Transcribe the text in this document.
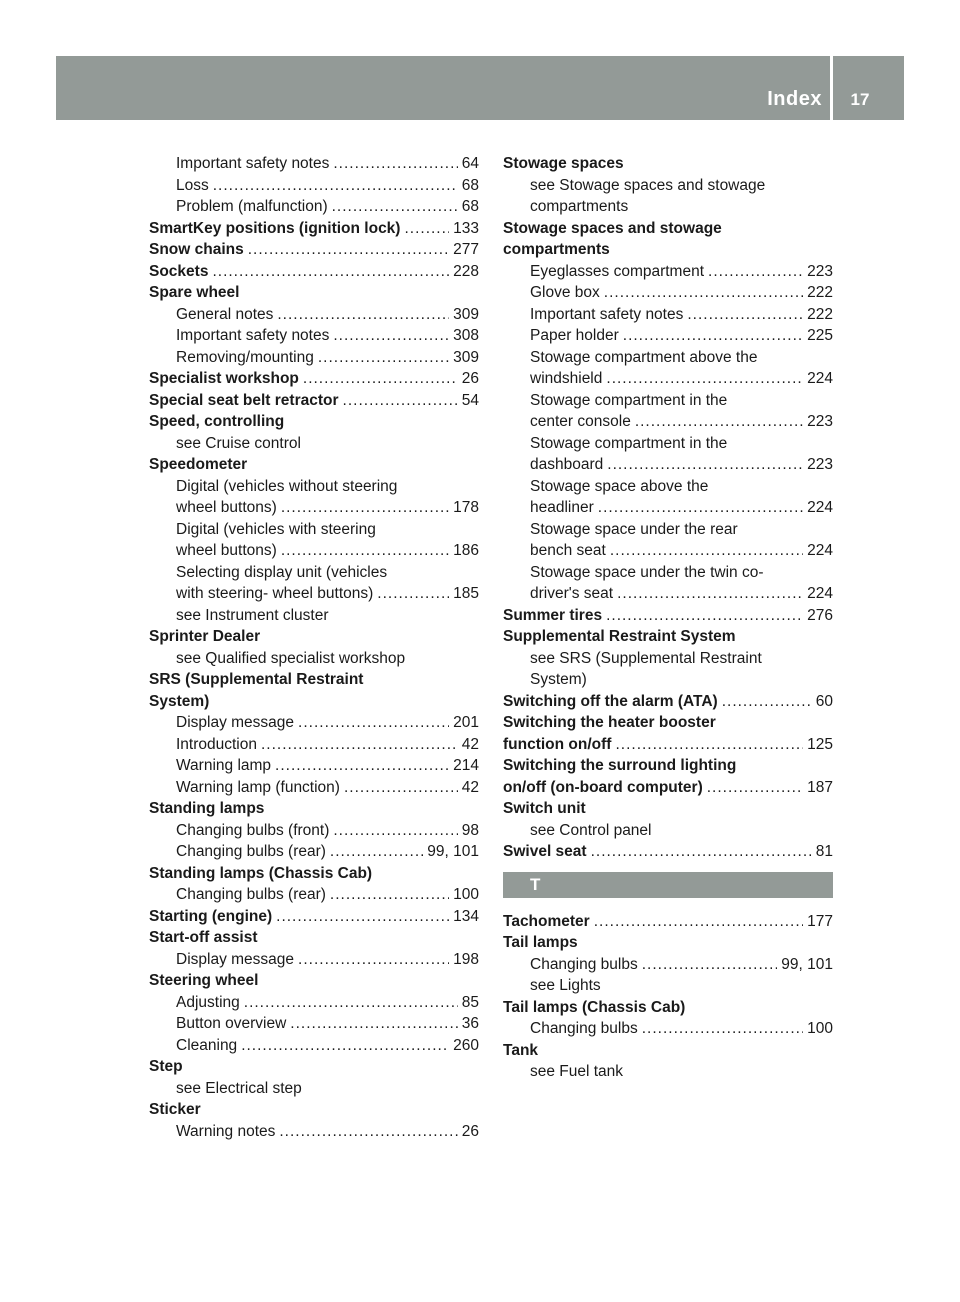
Index	17
Important safety notes .....	64
Loss .....	68
Problem (malfunction) .....	68
SmartKey positions (ignition lock) .....	133
Snow chains .....	277
Sockets .....	228
Spare wheel
General notes .....	309
Important safety notes .....	308
Removing/mounting .....	309
Specialist workshop .....	26
Special seat belt retractor .....	54
Speed, controlling
see Cruise control
Speedometer
Digital (vehicles without steering
wheel buttons) .....	178
Digital (vehicles with steering
wheel buttons) .....	186
Selecting display unit (vehicles
with steering- wheel buttons) .....	185
see Instrument cluster
Sprinter Dealer
see Qualified specialist workshop
SRS (Supplemental Restraint
System)
Display message .....	201
Introduction .....	42
Warning lamp .....	214
Warning lamp (function) .....	42
Standing lamps
Changing bulbs (front) .....	98
Changing bulbs (rear) .....	99, 101
Standing lamps (Chassis Cab)
Changing bulbs (rear) .....	100
Starting (engine) .....	134
Start-off assist
Display message .....	198
Steering wheel
Adjusting .....	85
Button overview .....	36
Cleaning .....	260
Step
see Electrical step
Sticker
Warning notes .....	26
Stowage spaces
see Stowage spaces and stowage
compartments
Stowage spaces and stowage
compartments
Eyeglasses compartment .....	223
Glove box .....	222
Important safety notes .....	222
Paper holder .....	225
Stowage compartment above the
windshield .....	224
Stowage compartment in the
center console .....	223
Stowage compartment in the
dashboard .....	223
Stowage space above the
headliner .....	224
Stowage space under the rear
bench seat .....	224
Stowage space under the twin co-
driver's seat .....	224
Summer tires .....	276
Supplemental Restraint System
see SRS (Supplemental Restraint
System)
Switching off the alarm (ATA) .....	60
Switching the heater booster
function on/off .....	125
Switching the surround lighting
on/off (on-board computer) .....	187
Switch unit
see Control panel
Swivel seat .....	81
T
Tachometer .....	177
Tail lamps
Changing bulbs .....	99, 101
see Lights
Tail lamps (Chassis Cab)
Changing bulbs .....	100
Tank
see Fuel tank
